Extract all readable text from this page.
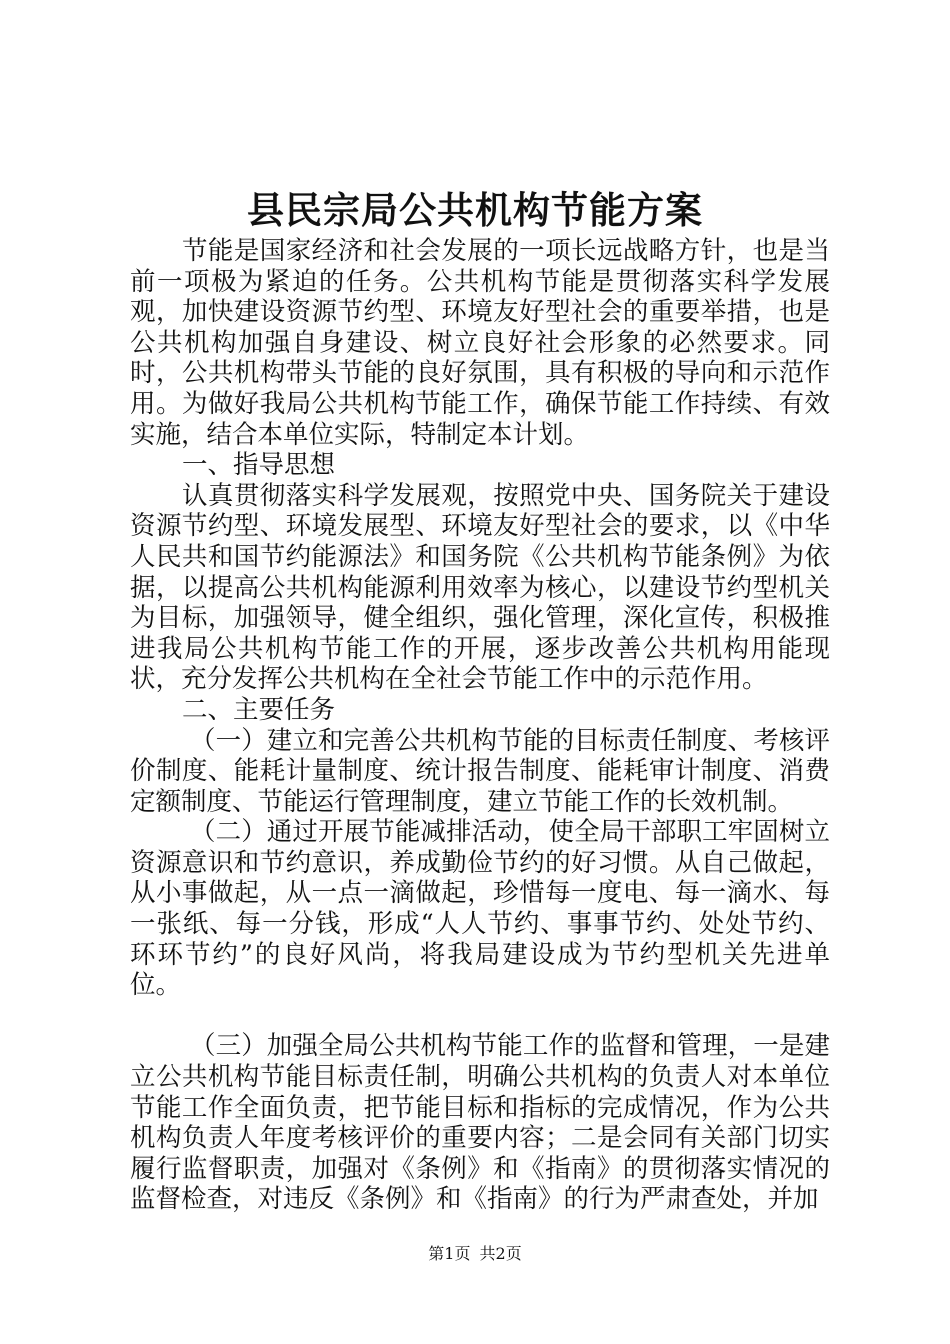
县民宗局公共机构节能方案

节能是国家经济和社会发展的一项长远战略方针，也是当前一项极为紧迫的任务。公共机构节能是贯彻落实科学发展观，加快建设资源节约型、环境友好型社会的重要举措，也是公共机构加强自身建设、树立良好社会形象的必然要求。同时，公共机构带头节能的良好氛围，具有积极的导向和示范作用。为做好我局公共机构节能工作，确保节能工作持续、有效实施，结合本单位实际，特制定本计划。

一、指导思想

认真贯彻落实科学发展观，按照党中央、国务院关于建设资源节约型、环境发展型、环境友好型社会的要求，以《中华人民共和国节约能源法》和国务院《公共机构节能条例》为依据，以提高公共机构能源利用效率为核心，以建设节约型机关为目标，加强领导，健全组织，强化管理，深化宣传，积极推进我局公共机构节能工作的开展，逐步改善公共机构用能现状，充分发挥公共机构在全社会节能工作中的示范作用。

二、主要任务

（一）建立和完善公共机构节能的目标责任制度、考核评价制度、能耗计量制度、统计报告制度、能耗审计制度、消费定额制度、节能运行管理制度，建立节能工作的长效机制。

（二）通过开展节能减排活动，使全局干部职工牢固树立资源意识和节约意识，养成勤俭节约的好习惯。从自己做起，从小事做起，从一点一滴做起，珍惜每一度电、每一滴水、每一张纸、每一分钱，形成“人人节约、事事节约、处处节约、环环节约”的良好风尚，将我局建设成为节约型机关先进单位。

（三）加强全局公共机构节能工作的监督和管理，一是建立公共机构节能目标责任制，明确公共机构的负责人对本单位节能工作全面负责，把节能目标和指标的完成情况，作为公共机构负责人年度考核评价的重要内容；二是会同有关部门切实履行监督职责，加强对《条例》和《指南》的贯彻落实情况的监督检查，对违反《条例》和《指南》的行为严肃查处，并加

第1页 共2页
